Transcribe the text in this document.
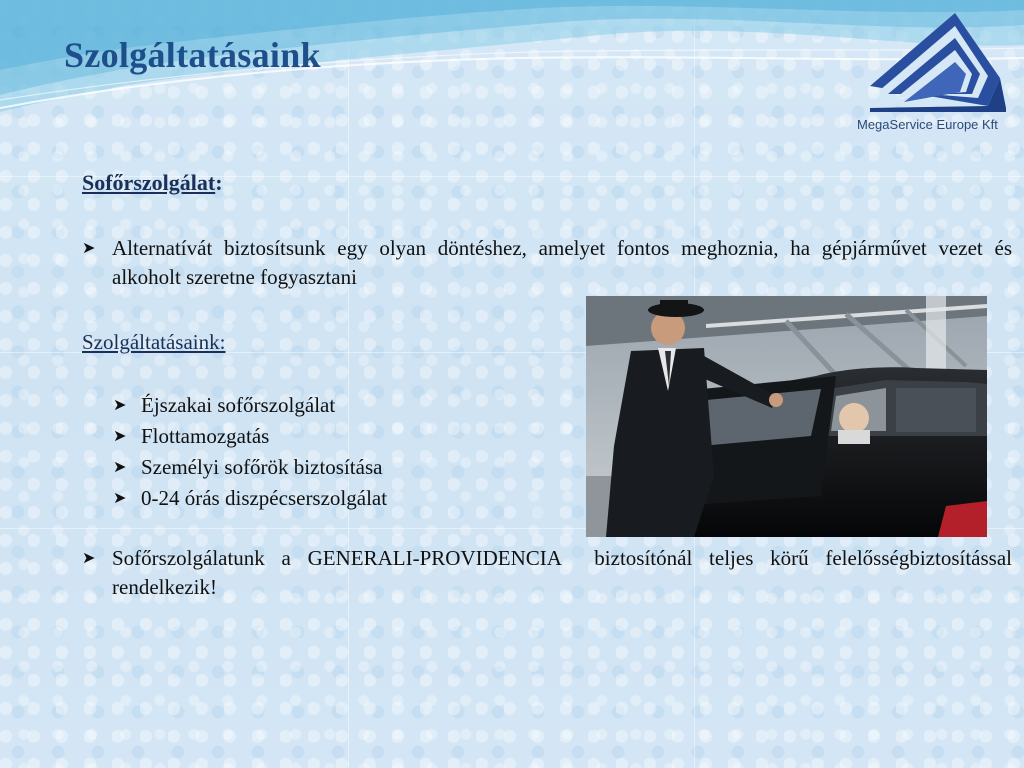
Szolgáltatásaink
MegaService Europe Kft
Sofőrszolgálat:
➤ Alternatívát biztosítsunk egy olyan döntéshez, amelyet fontos meghoznia, ha gépjárművet vezet és alkoholt szeretne fogyasztani
Szolgáltatásaink:
➤ Éjszakai sofőrszolgálat
➤ Flottamozgatás
➤ Személyi sofőrök biztosítása
➤ 0-24 órás diszpécserszolgálat
➤ Sofőrszolgálatunk a GENERALI-PROVIDENCIA  biztosítónál teljes körű felelősségbiztosítással rendelkezik!
